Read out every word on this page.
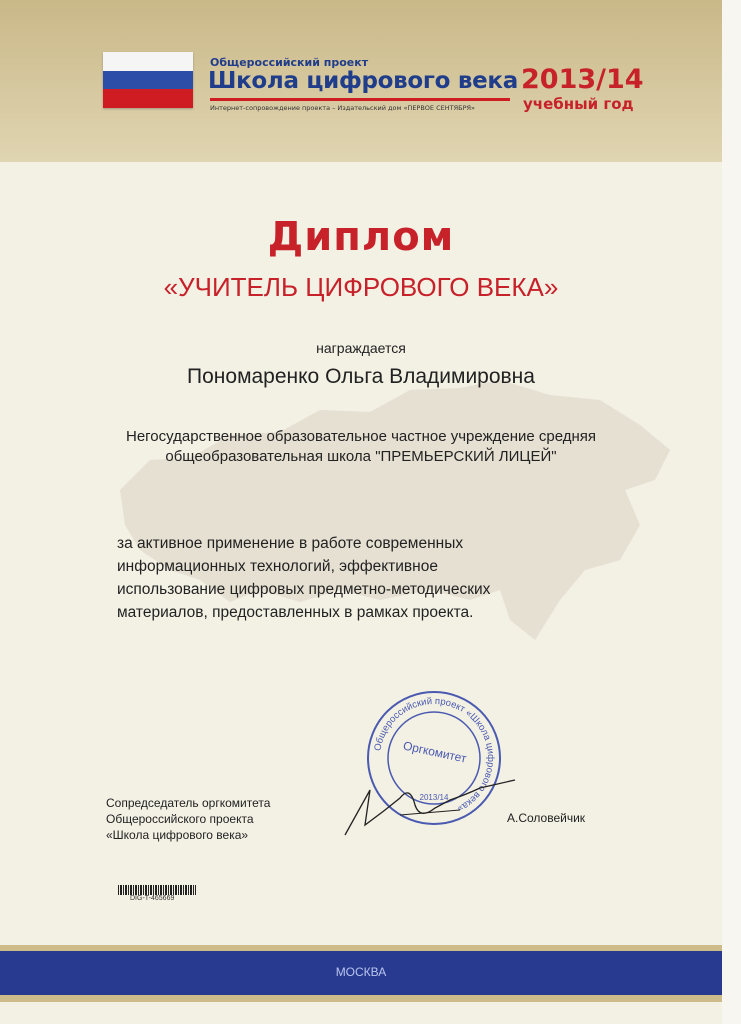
Общероссийский проект
Школа цифрового века
Интернет-сопровождение проекта – Издательский дом «ПЕРВОЕ СЕНТЯБРЯ»
2013/14
учебный год
Диплом
«УЧИТЕЛЬ ЦИФРОВОГО ВЕКА»
награждается
Пономаренко Ольга Владимировна
Негосударственное образовательное частное учреждение средняя
общеобразовательная школа "ПРЕМЬЕРСКИЙ ЛИЦЕЙ"
за активное применение в работе современных
информационных технологий, эффективное
использование цифровых предметно-методических
материалов, предоставленных в рамках проекта.
Общероссийский проект «Школа цифрового века»
Оргкомитет
2013/14
Сопредседатель оргкомитета
Общероссийского проекта
«Школа цифрового века»
А.Соловейчик
DIG-T-465669
МОСКВА
